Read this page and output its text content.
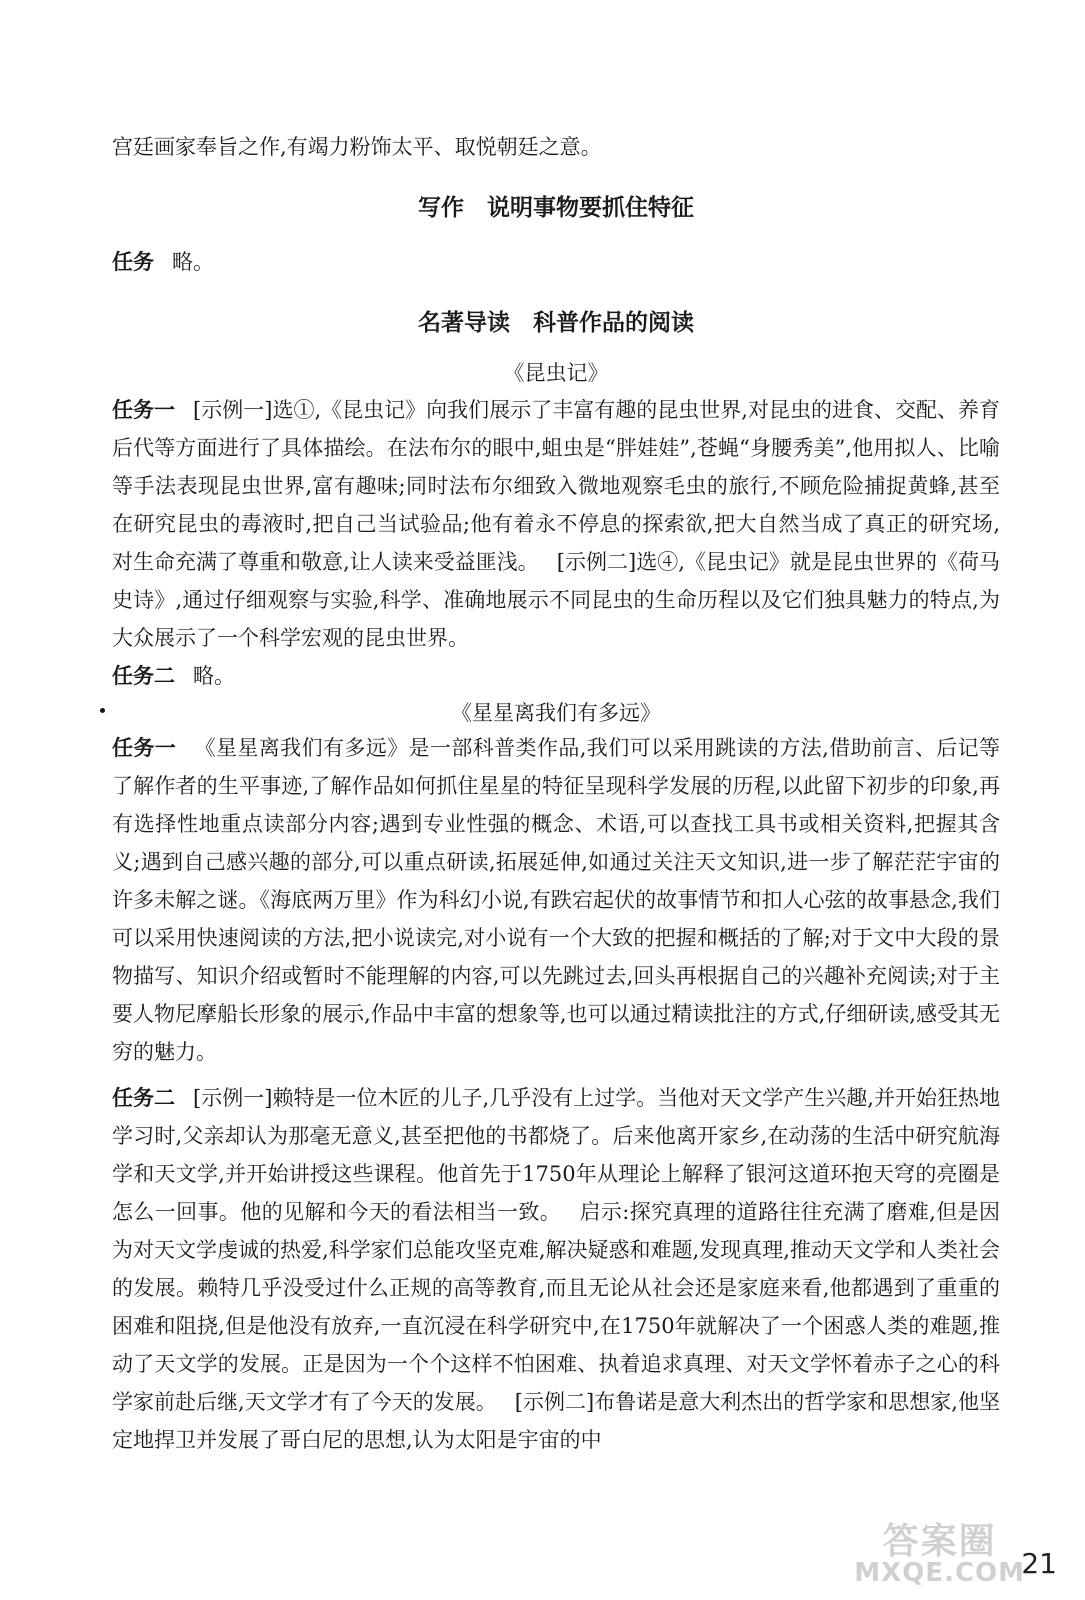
宫廷画家奉旨之作,有竭力粉饰太平、取悦朝廷之意。

写作　说明事物要抓住特征

任务 略。

名著导读　科普作品的阅读

《昆虫记》

任务一 [示例一]选①,《昆虫记》向我们展示了丰富有趣的昆虫世界,对昆虫的进食、交配、养育后代等方面进行了具体描绘。在法布尔的眼中,蛆虫是“胖娃娃”,苍蝇“身腰秀美”,他用拟人、比喻等手法表现昆虫世界,富有趣味;同时法布尔细致入微地观察毛虫的旅行,不顾危险捕捉黄蜂,甚至在研究昆虫的毒液时,把自己当试验品;他有着永不停息的探索欲,把大自然当成了真正的研究场,对生命充满了尊重和敬意,让人读来受益匪浅。 [示例二]选④,《昆虫记》就是昆虫世界的《荷马史诗》,通过仔细观察与实验,科学、准确地展示不同昆虫的生命历程以及它们独具魅力的特点,为大众展示了一个科学宏观的昆虫世界。

任务二 略。

《星星离我们有多远》

任务一 《星星离我们有多远》是一部科普类作品,我们可以采用跳读的方法,借助前言、后记等了解作者的生平事迹,了解作品如何抓住星星的特征呈现科学发展的历程,以此留下初步的印象,再有选择性地重点读部分内容;遇到专业性强的概念、术语,可以查找工具书或相关资料,把握其含义;遇到自己感兴趣的部分,可以重点研读,拓展延伸,如通过关注天文知识,进一步了解茫茫宇宙的许多未解之谜。《海底两万里》作为科幻小说,有跌宕起伏的故事情节和扣人心弦的故事悬念,我们可以采用快速阅读的方法,把小说读完,对小说有一个大致的把握和概括的了解;对于文中大段的景物描写、知识介绍或暂时不能理解的内容,可以先跳过去,回头再根据自己的兴趣补充阅读;对于主要人物尼摩船长形象的展示,作品中丰富的想象等,也可以通过精读批注的方式,仔细研读,感受其无穷的魅力。

任务二 [示例一]赖特是一位木匠的儿子,几乎没有上过学。当他对天文学产生兴趣,并开始狂热地学习时,父亲却认为那毫无意义,甚至把他的书都烧了。后来他离开家乡,在动荡的生活中研究航海学和天文学,并开始讲授这些课程。他首先于1750年从理论上解释了银河这道环抱天穹的亮圈是怎么一回事。他的见解和今天的看法相当一致。 启示:探究真理的道路往往充满了磨难,但是因为对天文学虔诚的热爱,科学家们总能攻坚克难,解决疑惑和难题,发现真理,推动天文学和人类社会的发展。赖特几乎没受过什么正规的高等教育,而且无论从社会还是家庭来看,他都遇到了重重的困难和阻挠,但是他没有放弃,一直沉浸在科学研究中,在1750年就解决了一个困惑人类的难题,推动了天文学的发展。正是因为一个个这样不怕困难、执着追求真理、对天文学怀着赤子之心的科学家前赴后继,天文学才有了今天的发展。 [示例二]布鲁诺是意大利杰出的哲学家和思想家,他坚定地捍卫并发展了哥白尼的思想,认为太阳是宇宙的中

答案圈
MXQE.COM
21
